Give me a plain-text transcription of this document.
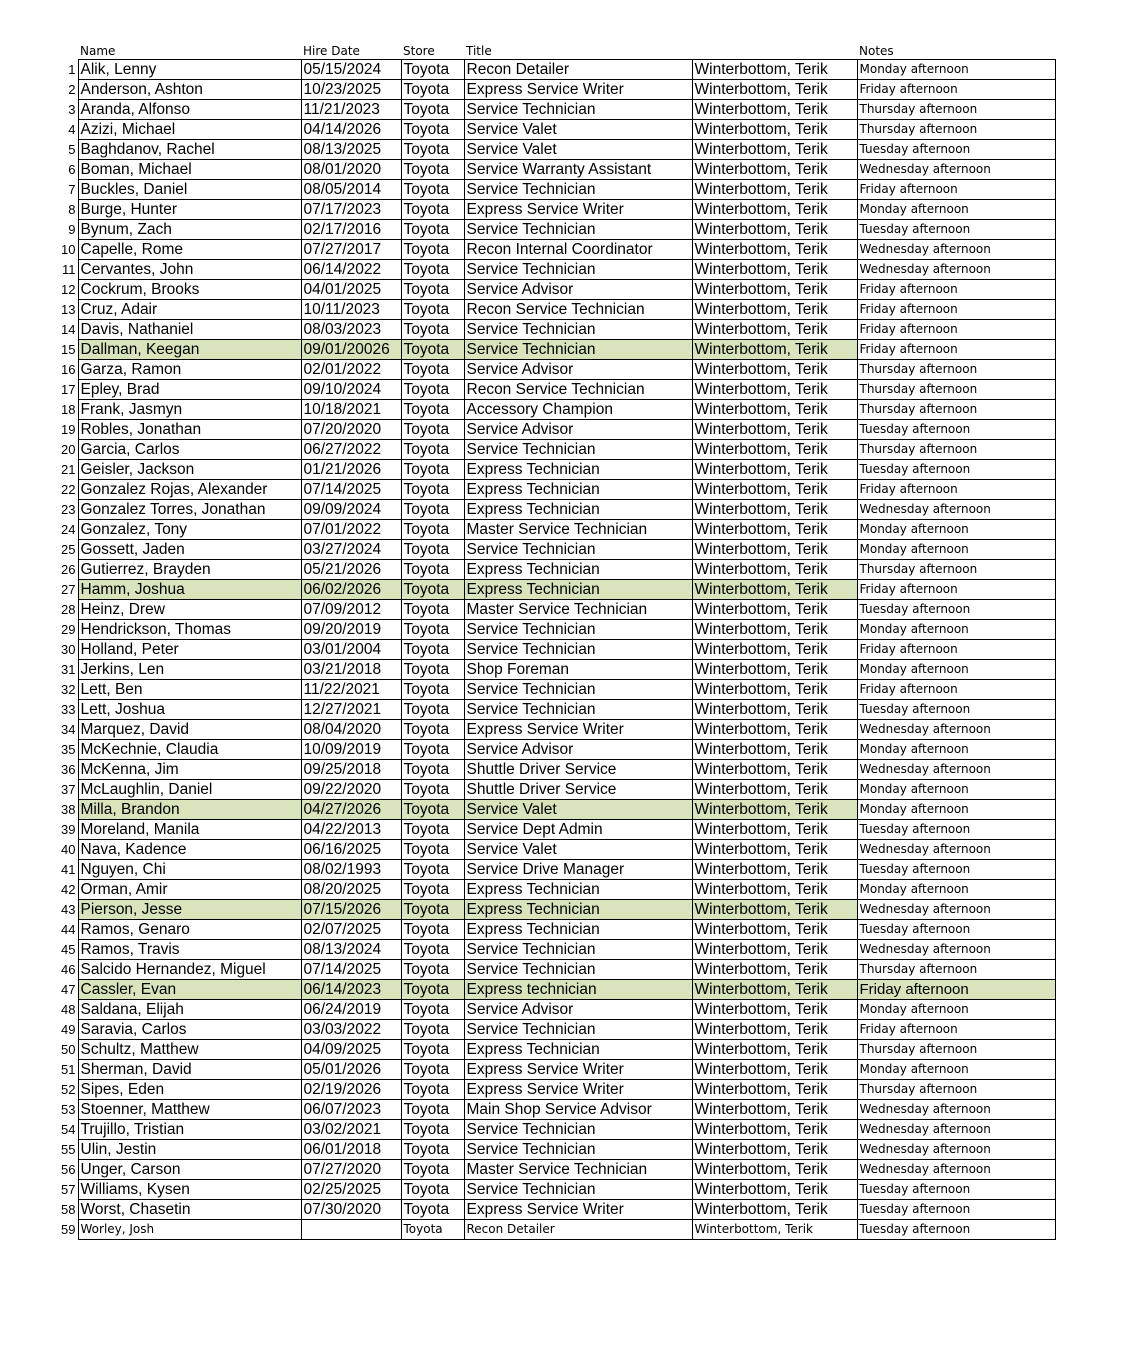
	Name	Hire Date	Store	Title		Notes
1	Alik, Lenny	05/15/2024	Toyota	Recon Detailer	Winterbottom, Terik	Monday afternoon
2	Anderson, Ashton	10/23/2025	Toyota	Express Service Writer	Winterbottom, Terik	Friday afternoon
3	Aranda, Alfonso	11/21/2023	Toyota	Service Technician	Winterbottom, Terik	Thursday afternoon
4	Azizi, Michael	04/14/2026	Toyota	Service Valet	Winterbottom, Terik	Thursday afternoon
5	Baghdanov, Rachel	08/13/2025	Toyota	Service Valet	Winterbottom, Terik	Tuesday afternoon
6	Boman, Michael	08/01/2020	Toyota	Service Warranty Assistant	Winterbottom, Terik	Wednesday afternoon
7	Buckles, Daniel	08/05/2014	Toyota	Service Technician	Winterbottom, Terik	Friday afternoon
8	Burge, Hunter	07/17/2023	Toyota	Express Service Writer	Winterbottom, Terik	Monday afternoon
9	Bynum, Zach	02/17/2016	Toyota	Service Technician	Winterbottom, Terik	Tuesday afternoon
10	Capelle, Rome	07/27/2017	Toyota	Recon Internal Coordinator	Winterbottom, Terik	Wednesday afternoon
11	Cervantes, John	06/14/2022	Toyota	Service Technician	Winterbottom, Terik	Wednesday afternoon
12	Cockrum, Brooks	04/01/2025	Toyota	Service Advisor	Winterbottom, Terik	Friday afternoon
13	Cruz, Adair	10/11/2023	Toyota	Recon Service Technician	Winterbottom, Terik	Friday afternoon
14	Davis, Nathaniel	08/03/2023	Toyota	Service Technician	Winterbottom, Terik	Friday afternoon
15	Dallman, Keegan	09/01/20026	Toyota	Service Technician	Winterbottom, Terik	Friday afternoon
16	Garza, Ramon	02/01/2022	Toyota	Service Advisor	Winterbottom, Terik	Thursday afternoon
17	Epley, Brad	09/10/2024	Toyota	Recon Service Technician	Winterbottom, Terik	Thursday afternoon
18	Frank, Jasmyn	10/18/2021	Toyota	Accessory Champion	Winterbottom, Terik	Thursday afternoon
19	Robles, Jonathan	07/20/2020	Toyota	Service Advisor	Winterbottom, Terik	Tuesday afternoon
20	Garcia, Carlos	06/27/2022	Toyota	Service Technician	Winterbottom, Terik	Thursday afternoon
21	Geisler, Jackson	01/21/2026	Toyota	Express Technician	Winterbottom, Terik	Tuesday afternoon
22	Gonzalez Rojas, Alexander	07/14/2025	Toyota	Express Technician	Winterbottom, Terik	Friday afternoon
23	Gonzalez Torres, Jonathan	09/09/2024	Toyota	Express Technician	Winterbottom, Terik	Wednesday afternoon
24	Gonzalez, Tony	07/01/2022	Toyota	Master Service Technician	Winterbottom, Terik	Monday afternoon
25	Gossett, Jaden	03/27/2024	Toyota	Service Technician	Winterbottom, Terik	Monday afternoon
26	Gutierrez, Brayden	05/21/2026	Toyota	Express Technician	Winterbottom, Terik	Thursday afternoon
27	Hamm, Joshua	06/02/2026	Toyota	Express Technician	Winterbottom, Terik	Friday afternoon
28	Heinz, Drew	07/09/2012	Toyota	Master Service Technician	Winterbottom, Terik	Tuesday afternoon
29	Hendrickson, Thomas	09/20/2019	Toyota	Service Technician	Winterbottom, Terik	Monday afternoon
30	Holland, Peter	03/01/2004	Toyota	Service Technician	Winterbottom, Terik	Friday afternoon
31	Jerkins, Len	03/21/2018	Toyota	Shop Foreman	Winterbottom, Terik	Monday afternoon
32	Lett, Ben	11/22/2021	Toyota	Service Technician	Winterbottom, Terik	Friday afternoon
33	Lett, Joshua	12/27/2021	Toyota	Service Technician	Winterbottom, Terik	Tuesday afternoon
34	Marquez, David	08/04/2020	Toyota	Express Service Writer	Winterbottom, Terik	Wednesday afternoon
35	McKechnie, Claudia	10/09/2019	Toyota	Service Advisor	Winterbottom, Terik	Monday afternoon
36	McKenna, Jim	09/25/2018	Toyota	Shuttle Driver Service	Winterbottom, Terik	Wednesday afternoon
37	McLaughlin, Daniel	09/22/2020	Toyota	Shuttle Driver Service	Winterbottom, Terik	Monday afternoon
38	Milla, Brandon	04/27/2026	Toyota	Service Valet	Winterbottom, Terik	Monday afternoon
39	Moreland, Manila	04/22/2013	Toyota	Service Dept Admin	Winterbottom, Terik	Tuesday afternoon
40	Nava, Kadence	06/16/2025	Toyota	Service Valet	Winterbottom, Terik	Wednesday afternoon
41	Nguyen, Chi	08/02/1993	Toyota	Service Drive Manager	Winterbottom, Terik	Tuesday afternoon
42	Orman, Amir	08/20/2025	Toyota	Express Technician	Winterbottom, Terik	Monday afternoon
43	Pierson, Jesse	07/15/2026	Toyota	Express Technician	Winterbottom, Terik	Wednesday afternoon
44	Ramos, Genaro	02/07/2025	Toyota	Express Technician	Winterbottom, Terik	Tuesday afternoon
45	Ramos, Travis	08/13/2024	Toyota	Service Technician	Winterbottom, Terik	Wednesday afternoon
46	Salcido Hernandez, Miguel	07/14/2025	Toyota	Service Technician	Winterbottom, Terik	Thursday afternoon
47	Cassler, Evan	06/14/2023	Toyota	Express technician	Winterbottom, Terik	Friday afternoon
48	Saldana, Elijah	06/24/2019	Toyota	Service Advisor	Winterbottom, Terik	Monday afternoon
49	Saravia, Carlos	03/03/2022	Toyota	Service Technician	Winterbottom, Terik	Friday afternoon
50	Schultz, Matthew	04/09/2025	Toyota	Express Technician	Winterbottom, Terik	Thursday afternoon
51	Sherman, David	05/01/2026	Toyota	Express Service Writer	Winterbottom, Terik	Monday afternoon
52	Sipes, Eden	02/19/2026	Toyota	Express Service Writer	Winterbottom, Terik	Thursday afternoon
53	Stoenner, Matthew	06/07/2023	Toyota	Main Shop Service Advisor	Winterbottom, Terik	Wednesday afternoon
54	Trujillo, Tristian	03/02/2021	Toyota	Service Technician	Winterbottom, Terik	Wednesday afternoon
55	Ulin, Jestin	06/01/2018	Toyota	Service Technician	Winterbottom, Terik	Wednesday afternoon
56	Unger, Carson	07/27/2020	Toyota	Master Service Technician	Winterbottom, Terik	Wednesday afternoon
57	Williams, Kysen	02/25/2025	Toyota	Service Technician	Winterbottom, Terik	Tuesday afternoon
58	Worst, Chasetin	07/30/2020	Toyota	Express Service Writer	Winterbottom, Terik	Tuesday afternoon
59	Worley, Josh		Toyota	Recon Detailer	Winterbottom, Terik	Tuesday afternoon
